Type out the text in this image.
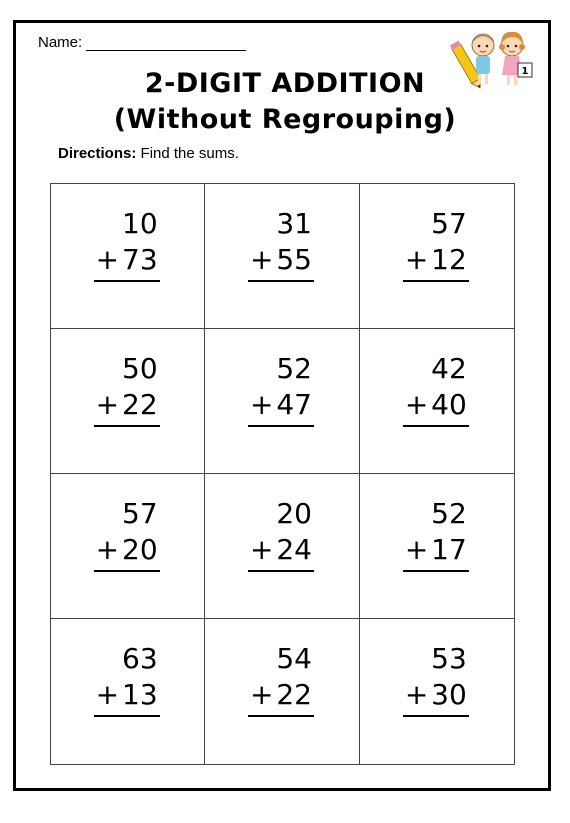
Name:
1
2-DIGIT ADDITION
(Without Regrouping)
Directions: Find the sums.
10
+ 73
31
+ 55
57
+ 12
50
+ 22
52
+ 47
42
+ 40
57
+ 20
20
+ 24
52
+ 17
63
+ 13
54
+ 22
53
+ 30
